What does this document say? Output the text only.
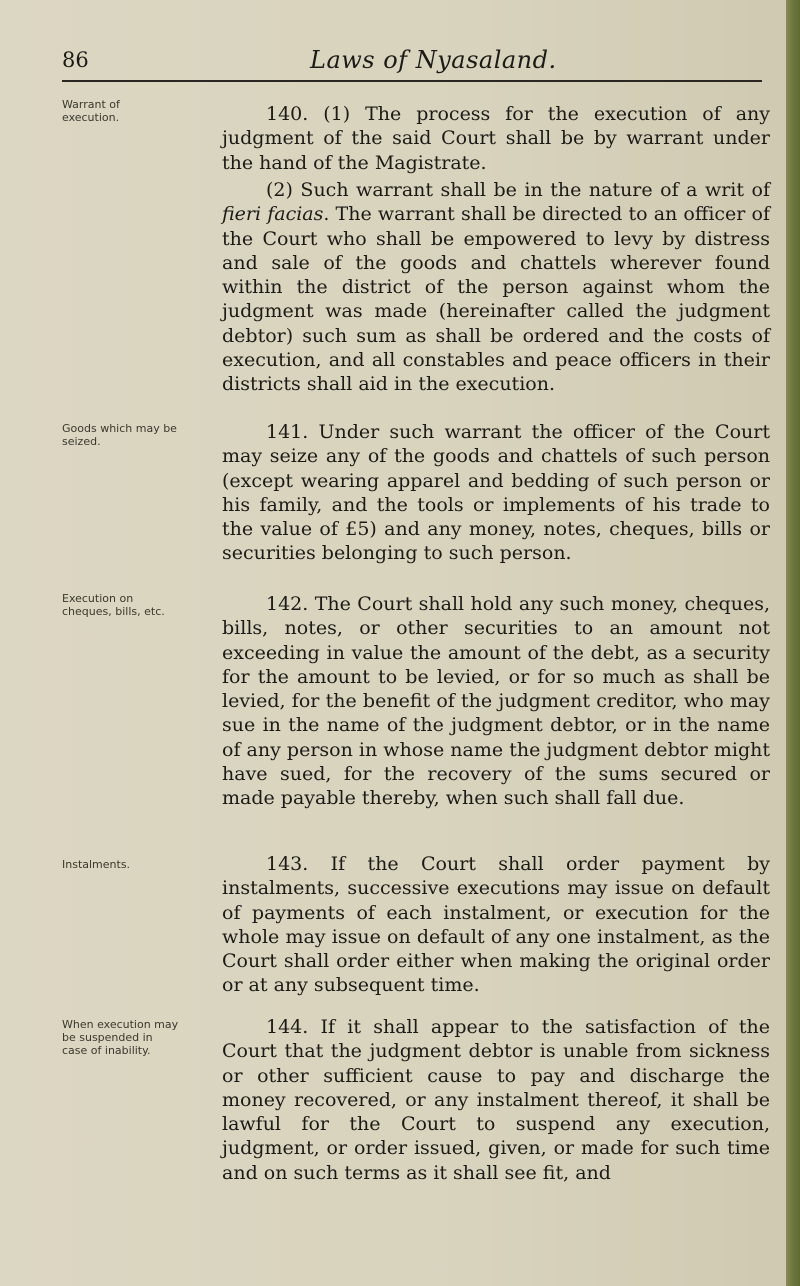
86	Laws of Nyasaland.
Warrant of execution.	140. (1) The process for the execution of any judgment of the said Court shall be by warrant under the hand of the Magistrate.

(2) Such warrant shall be in the nature of a writ of fieri facias. The warrant shall be directed to an officer of the Court who shall be empowered to levy by distress and sale of the goods and chattels wherever found within the district of the person against whom the judgment was made (hereinafter called the judgment debtor) such sum as shall be ordered and the costs of execution, and all constables and peace officers in their districts shall aid in the execution.

Goods which may be seized.	141. Under such warrant the officer of the Court may seize any of the goods and chattels of such person (except wearing apparel and bedding of such person or his family, and the tools or implements of his trade to the value of £5) and any money, notes, cheques, bills or securities belonging to such person.

Execution on cheques, bills, etc.	142. The Court shall hold any such money, cheques, bills, notes, or other securities to an amount not exceeding in value the amount of the debt, as a security for the amount to be levied, or for so much as shall be levied, for the benefit of the judgment creditor, who may sue in the name of the judgment debtor, or in the name of any person in whose name the judgment debtor might have sued, for the recovery of the sums secured or made payable thereby, when such shall fall due.

Instalments.	143. If the Court shall order payment by instalments, successive executions may issue on default of payments of each instalment, or execution for the whole may issue on default of any one instalment, as the Court shall order either when making the original order or at any subsequent time.

When execution may be suspended in case of inability.

144. If it shall appear to the satisfaction of the Court that the judgment debtor is unable from sickness or other sufficient cause to pay and discharge the money recovered, or any instalment thereof, it shall be lawful for the Court to suspend any execution, judgment, or order issued, given, or made for such time and on such terms as it shall see fit, and
